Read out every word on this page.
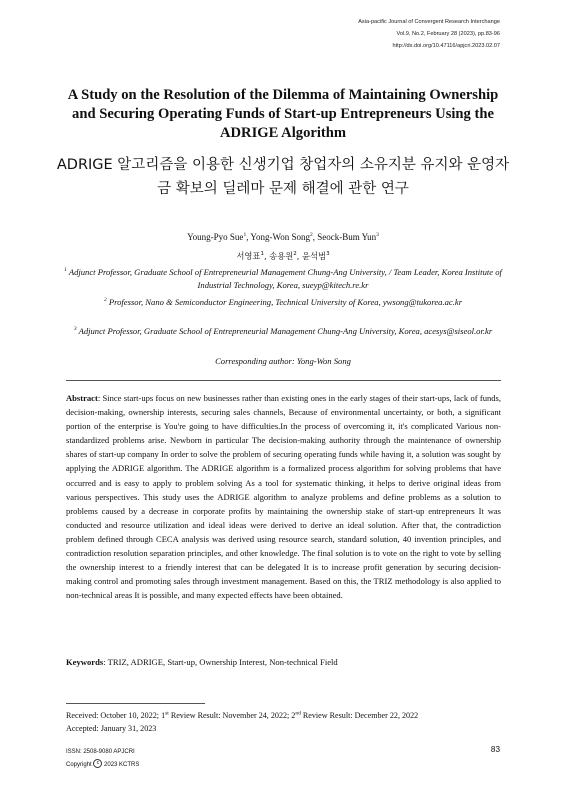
Asia-pacific Journal of Convergent Research Interchange
Vol.9, No.2, February 28 (2023), pp.83-96
http://dx.doi.org/10.47116/apjcri.2023.02.07
A Study on the Resolution of the Dilemma of Maintaining Ownership and Securing Operating Funds of Start-up Entrepreneurs Using the ADRIGE Algorithm
ADRIGE 알고리즘을 이용한 신생기업 창업자의 소유지분 유지와 운영자금 확보의 딜레마 문제 해결에 관한 연구
Young-Pyo Sue$^1$, Yong-Won Song$^2$, Seock-Bum Yun$^3$
서영표$^1$, 송용원$^2$, 윤석범$^3$
$^1$ Adjunct Professor, Graduate School of Entrepreneurial Management Chung-Ang University, / Team Leader, Korea Institute of Industrial Technology, Korea, sueyp@kitech.re.kr
$^2$ Professor, Nano & Semiconductor Engineering, Technical University of Korea, ywsong@tukorea.ac.kr
$^3$ Adjunct Professor, Graduate School of Entrepreneurial Management Chung-Ang University, Korea, acesys@siseol.or.kr
Corresponding author: Yong-Won Song
Abstract: Since start-ups focus on new businesses rather than existing ones in the early stages of their start-ups, lack of funds, decision-making, ownership interests, securing sales channels, Because of environmental uncertainty, or both, a significant portion of the enterprise is You're going to have difficulties.In the process of overcoming it, it's complicated Various non-standardized problems arise. Newborn in particular The decision-making authority through the maintenance of ownership shares of start-up company In order to solve the problem of securing operating funds while having it, a solution was sought by applying the ADRIGE algorithm. The ADRIGE algorithm is a formalized process algorithm for solving problems that have occurred and is easy to apply to problem solving As a tool for systematic thinking, it helps to derive original ideas from various perspectives. This study uses the ADRIGE algorithm to analyze problems and define problems as a solution to problems caused by a decrease in corporate profits by maintaining the ownership stake of start-up entrepreneurs It was conducted and resource utilization and ideal ideas were derived to derive an ideal solution. After that, the contradiction problem defined through CECA analysis was derived using resource search, standard solution, 40 invention principles, and contradiction resolution separation principles, and other knowledge. The final solution is to vote on the right to vote by selling the ownership interest to a friendly interest that can be delegated It is to increase profit generation by securing decision-making control and promoting sales through investment management. Based on this, the TRIZ methodology is also applied to non-technical areas It is possible, and many expected effects have been obtained.
Keywords: TRIZ, ADRIGE, Start-up, Ownership Interest, Non-technical Field
Received: October 10, 2022; 1st Review Result: November 24, 2022; 2nd Review Result: December 22, 2022
Accepted: January 31, 2023
ISSN: 2508-9080 APJCRI
Copyright c 2023 KCTRS
83
